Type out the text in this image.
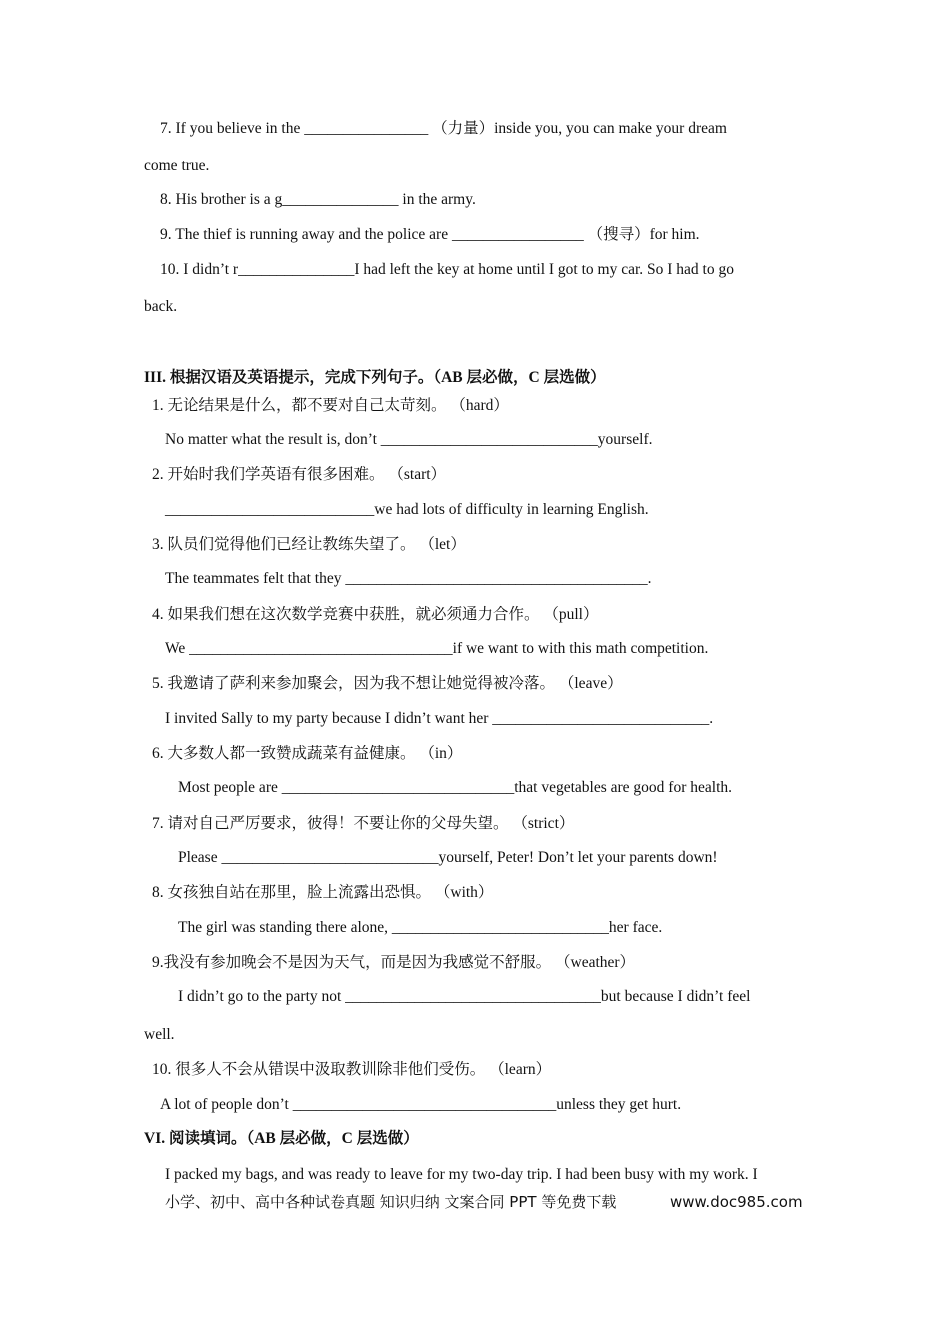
7. If you believe in the ________________ （力量）inside you, you can make your dream
come true.
8. His brother is a g_______________ in the army.
9. The thief is running away and the police are _________________ （搜寻）for him.
10. I didn’t r_______________I had left the key at home until I got to my car. So I had to go
back.
III. 根据汉语及英语提示，完成下列句子。（AB 层必做，C 层选做）
1. 无论结果是什么，都不要对自己太苛刻。 （hard）
No matter what the result is, don’t ____________________________yourself.
2. 开始时我们学英语有很多困难。 （start）
___________________________we had lots of difficulty in learning English.
3. 队员们觉得他们已经让教练失望了。 （let）
The teammates felt that they _______________________________________.
4. 如果我们想在这次数学竞赛中获胜，就必须通力合作。 （pull）
We __________________________________if we want to with this math competition.
5. 我邀请了萨利来参加聚会，因为我不想让她觉得被冷落。 （leave）
I invited Sally to my party because I didn’t want her ____________________________.
6. 大多数人都一致赞成蔬菜有益健康。 （in）
Most people are ______________________________that vegetables are good for health.
7. 请对自己严厉要求，彼得！不要让你的父母失望。 （strict）
Please ____________________________yourself, Peter! Don’t let your parents down!
8. 女孩独自站在那里，脸上流露出恐惧。 （with）
The girl was standing there alone, ____________________________her face.
9.我没有参加晚会不是因为天气，而是因为我感觉不舒服。 （weather）
I didn’t go to the party not _________________________________but because I didn’t feel
well.
10. 很多人不会从错误中汲取教训除非他们受伤。 （learn）
A lot of people don’t __________________________________unless they get hurt.
VI. 阅读填词。（AB 层必做，C 层选做）
I packed my bags, and was ready to leave for my two-day trip. I had been busy with my work. I
小学、初中、高中各种试卷真题 知识归纳 文案合同 PPT 等免费下载	www.doc985.com
